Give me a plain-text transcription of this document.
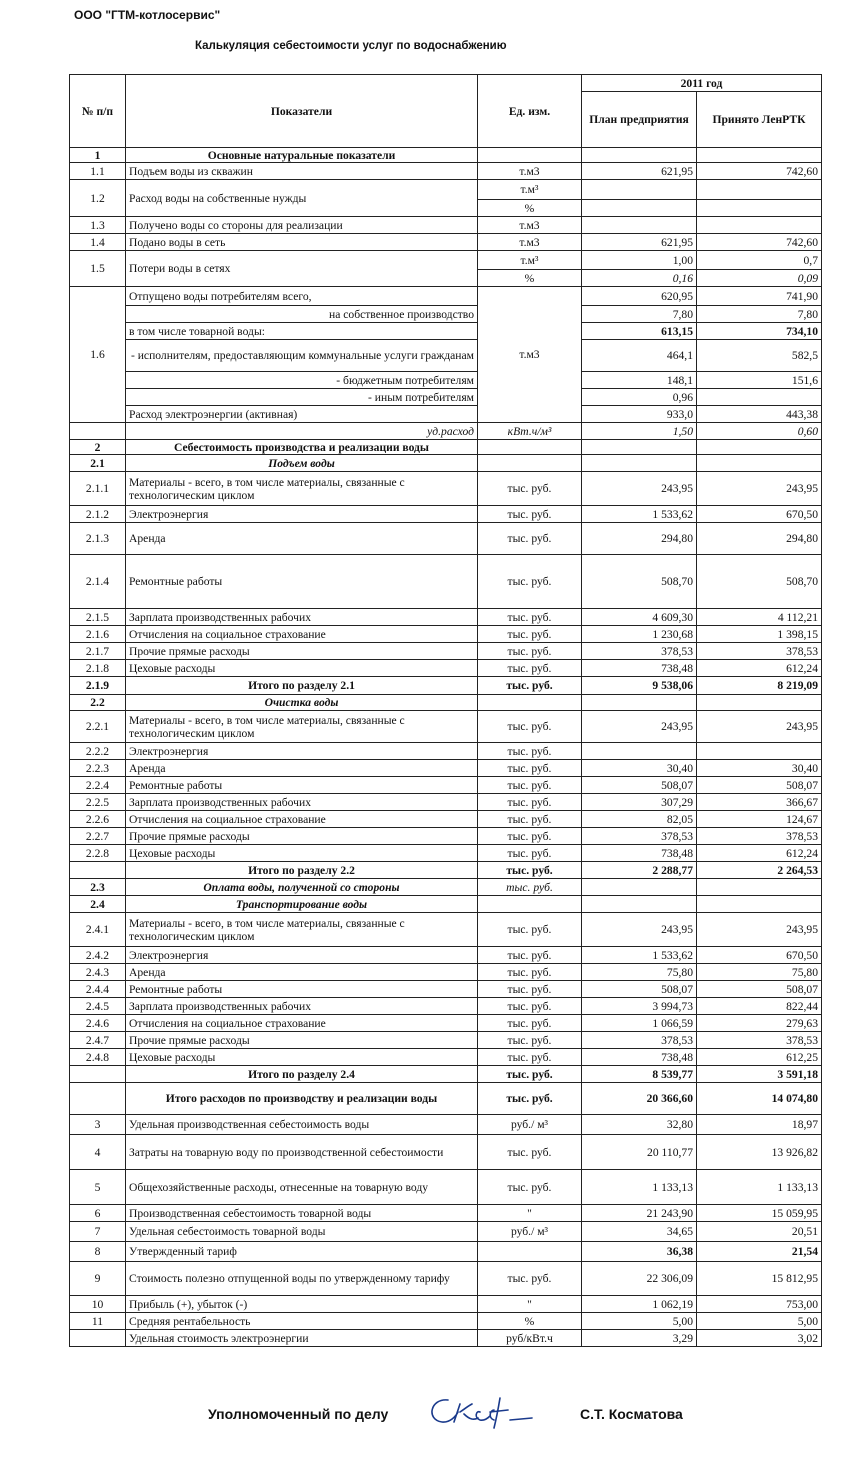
ООО "ГТМ-котлосервис"
Калькуляция себестоимости услуг по водоснабжению
№ п/п	Показатели	Ед. изм.	2011 год	
			План предприятия	Принято ЛенРТК
1	Основные натуральные показатели			
1.1	Подъем воды из скважин	т.м3	621,95	742,60
1.2	Расход воды на собственные нужды	т.м³		
		%		
1.3	Получено воды со стороны для реализации	т.м3		
1.4	Подано воды в сеть	т.м3	621,95	742,60
1.5	Потери воды в сетях	т.м³	1,00	0,7
		%	0,16	0,09
1.6	Отпущено воды потребителям всего,	т.м3	620,95	741,90
	на собственное производство		7,80	7,80
	в том числе товарной воды:		613,15	734,10
	- исполнителям, предоставляющим коммунальные услуги гражданам		464,1	582,5
	- бюджетным потребителям		148,1	151,6
	- иным потребителям		0,96	
	Расход электроэнергии (активная)		933,0	443,38
	уд.расход	кВт.ч/м³	1,50	0,60
2	Себестоимость производства и реализации воды			
2.1	Подъем воды			
2.1.1	Материалы - всего, в том числе материалы, связанные с технологическим циклом	тыс. руб.	243,95	243,95
2.1.2	Электроэнергия	тыс. руб.	1 533,62	670,50
2.1.3	Аренда	тыс. руб.	294,80	294,80
2.1.4	Ремонтные работы	тыс. руб.	508,70	508,70
2.1.5	Зарплата производственных рабочих	тыс. руб.	4 609,30	4 112,21
2.1.6	Отчисления на социальное страхование	тыс. руб.	1 230,68	1 398,15
2.1.7	Прочие прямые расходы	тыс. руб.	378,53	378,53
2.1.8	Цеховые расходы	тыс. руб.	738,48	612,24
2.1.9	Итого по разделу 2.1	тыс. руб.	9 538,06	8 219,09
2.2	Очистка воды			
2.2.1	Материалы - всего, в том числе материалы, связанные с технологическим циклом	тыс. руб.	243,95	243,95
2.2.2	Электроэнергия	тыс. руб.		
2.2.3	Аренда	тыс. руб.	30,40	30,40
2.2.4	Ремонтные работы	тыс. руб.	508,07	508,07
2.2.5	Зарплата производственных рабочих	тыс. руб.	307,29	366,67
2.2.6	Отчисления на социальное страхование	тыс. руб.	82,05	124,67
2.2.7	Прочие прямые расходы	тыс. руб.	378,53	378,53
2.2.8	Цеховые расходы	тыс. руб.	738,48	612,24
	Итого по разделу 2.2	тыс. руб.	2 288,77	2 264,53
2.3	Оплата воды, полученной со стороны	тыс. руб.		
2.4	Транспортирование воды			
2.4.1	Материалы - всего, в том числе материалы, связанные с технологическим циклом	тыс. руб.	243,95	243,95
2.4.2	Электроэнергия	тыс. руб.	1 533,62	670,50
2.4.3	Аренда	тыс. руб.	75,80	75,80
2.4.4	Ремонтные работы	тыс. руб.	508,07	508,07
2.4.5	Зарплата производственных рабочих	тыс. руб.	3 994,73	822,44
2.4.6	Отчисления на социальное страхование	тыс. руб.	1 066,59	279,63
2.4.7	Прочие прямые расходы	тыс. руб.	378,53	378,53
2.4.8	Цеховые расходы	тыс. руб.	738,48	612,25
	Итого по разделу 2.4	тыс. руб.	8 539,77	3 591,18
	Итого расходов по производству и реализации воды	тыс. руб.	20 366,60	14 074,80
3	Удельная производственная себестоимость воды	руб./ м³	32,80	18,97
4	Затраты на товарную воду по производственной себестоимости	тыс. руб.	20 110,77	13 926,82
5	Общехозяйственные расходы, отнесенные на товарную воду	тыс. руб.	1 133,13	1 133,13
6	Производственная себестоимость товарной воды	"	21 243,90	15 059,95
7	Удельная себестоимость товарной воды	руб./ м³	34,65	20,51
8	Утвержденный тариф		36,38	21,54
9	Стоимость полезно отпущенной воды по утвержденному тарифу	тыс. руб.	22 306,09	15 812,95
10	Прибыль (+), убыток (-)	"	1 062,19	753,00
11	Средняя рентабельность	%	5,00	5,00
	Удельная стоимость электроэнергии	руб/кВт.ч	3,29	3,02
Уполномоченный по делу	С.Т. Косматова
